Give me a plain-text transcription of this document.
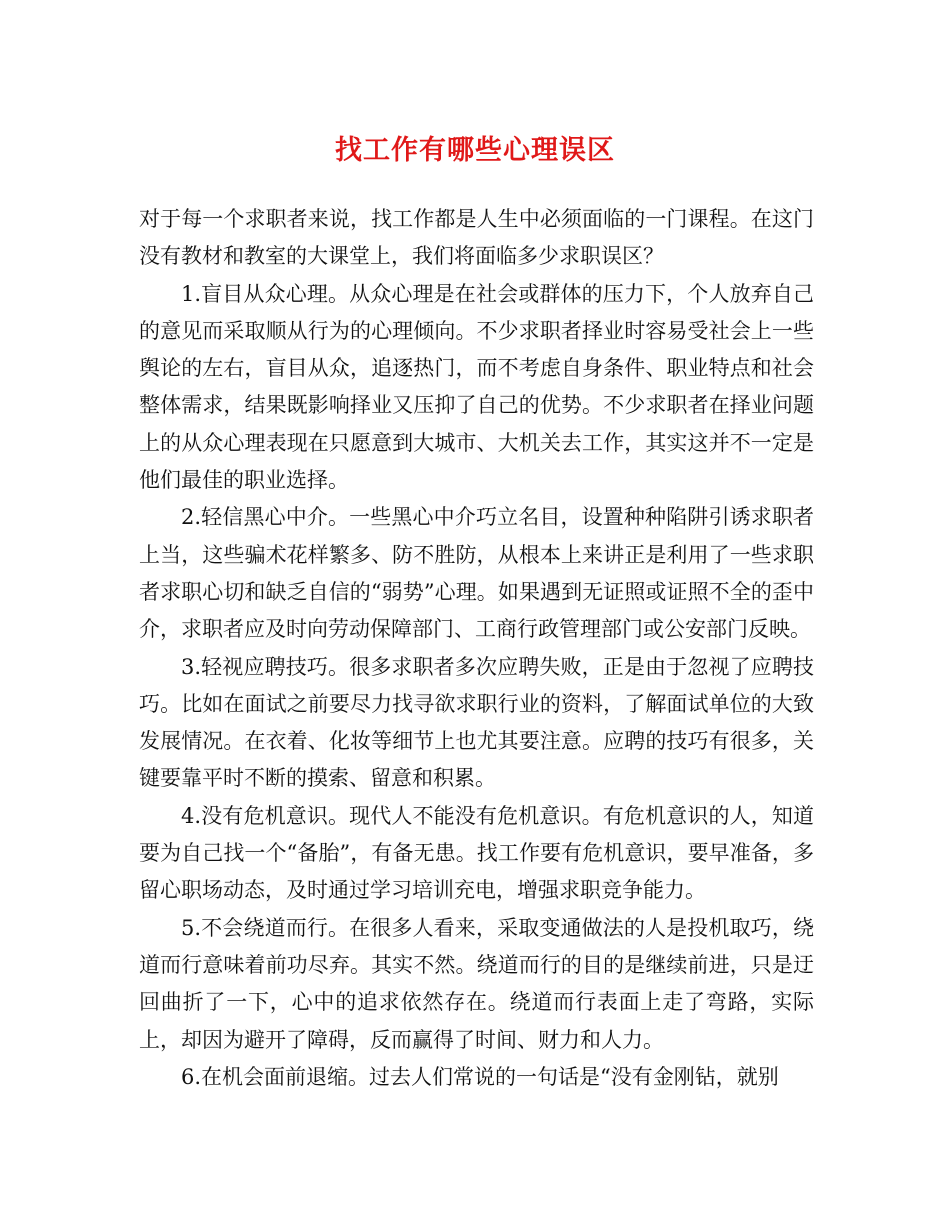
找工作有哪些心理误区

对于每一个求职者来说，找工作都是人生中必须面临的一门课程。在这门没有教材和教室的大课堂上，我们将面临多少求职误区？

1.盲目从众心理。从众心理是在社会或群体的压力下，个人放弃自己的意见而采取顺从行为的心理倾向。不少求职者择业时容易受社会上一些舆论的左右，盲目从众，追逐热门，而不考虑自身条件、职业特点和社会整体需求，结果既影响择业又压抑了自己的优势。不少求职者在择业问题上的从众心理表现在只愿意到大城市、大机关去工作，其实这并不一定是他们最佳的职业选择。

2.轻信黑心中介。一些黑心中介巧立名目，设置种种陷阱引诱求职者上当，这些骗术花样繁多、防不胜防，从根本上来讲正是利用了一些求职者求职心切和缺乏自信的“弱势”心理。如果遇到无证照或证照不全的歪中介，求职者应及时向劳动保障部门、工商行政管理部门或公安部门反映。

3.轻视应聘技巧。很多求职者多次应聘失败，正是由于忽视了应聘技巧。比如在面试之前要尽力找寻欲求职行业的资料，了解面试单位的大致发展情况。在衣着、化妆等细节上也尤其要注意。应聘的技巧有很多，关键要靠平时不断的摸索、留意和积累。

4.没有危机意识。现代人不能没有危机意识。有危机意识的人，知道要为自己找一个“备胎”，有备无患。找工作要有危机意识，要早准备，多留心职场动态，及时通过学习培训充电，增强求职竞争能力。

5.不会绕道而行。在很多人看来，采取变通做法的人是投机取巧，绕道而行意味着前功尽弃。其实不然。绕道而行的目的是继续前进，只是迂回曲折了一下，心中的追求依然存在。绕道而行表面上走了弯路，实际上，却因为避开了障碍，反而赢得了时间、财力和人力。

6.在机会面前退缩。过去人们常说的一句话是“没有金刚钻，就别
